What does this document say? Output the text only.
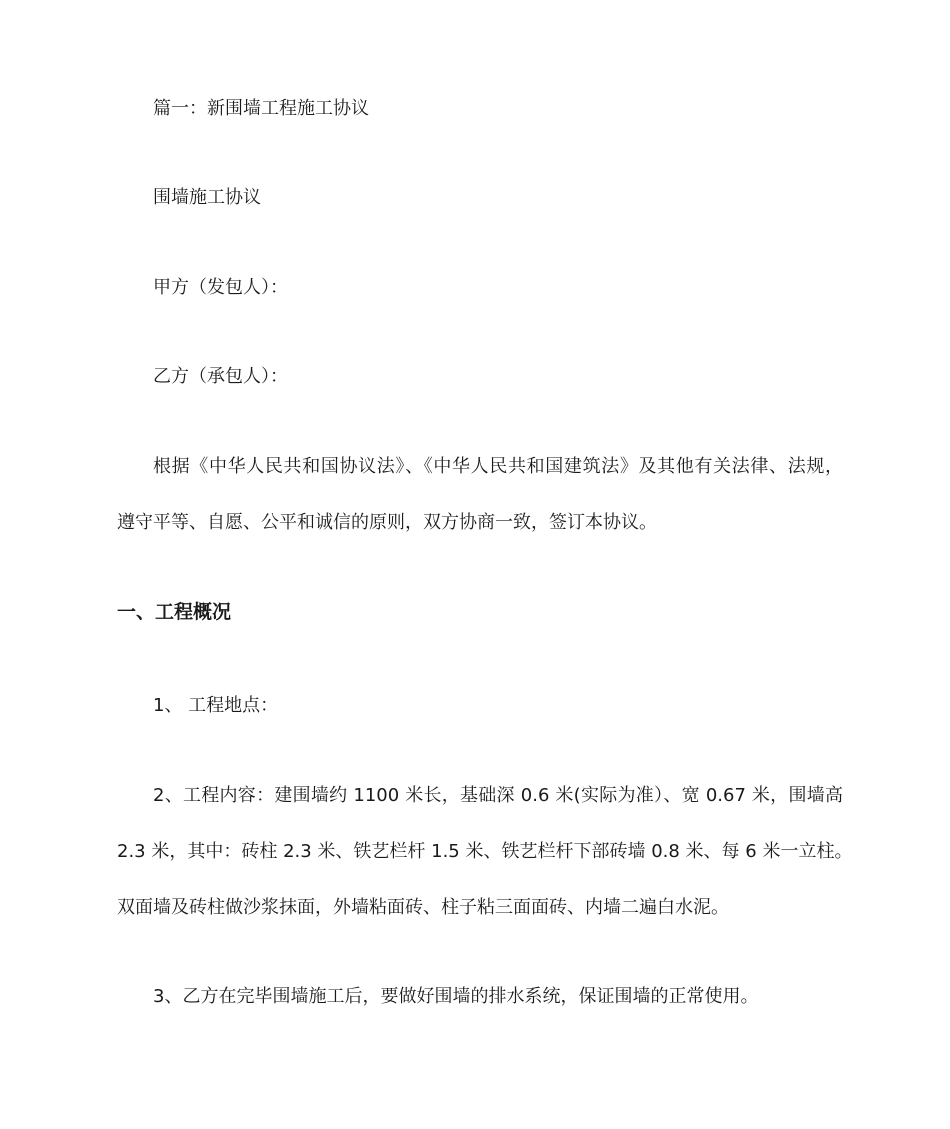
篇一：新围墙工程施工协议
围墙施工协议
甲方（发包人）：
乙方（承包人）：
根据《中华人民共和国协议法》、《中华人民共和国建筑法》及其他有关法律、法规，
遵守平等、自愿、公平和诚信的原则，双方协商一致，签订本协议。
一、工程概况
1、 工程地点：
2、工程内容：建围墙约 1100 米长，基础深 0.6 米(实际为准）、宽 0.67 米，围墙高
2.3 米，其中：砖柱 2.3 米、铁艺栏杆 1.5 米、铁艺栏杆下部砖墙 0.8 米、每 6 米一立柱。
双面墙及砖柱做沙浆抹面，外墙粘面砖、柱子粘三面面砖、内墙二遍白水泥。
3、乙方在完毕围墙施工后，要做好围墙的排水系统，保证围墙的正常使用。
